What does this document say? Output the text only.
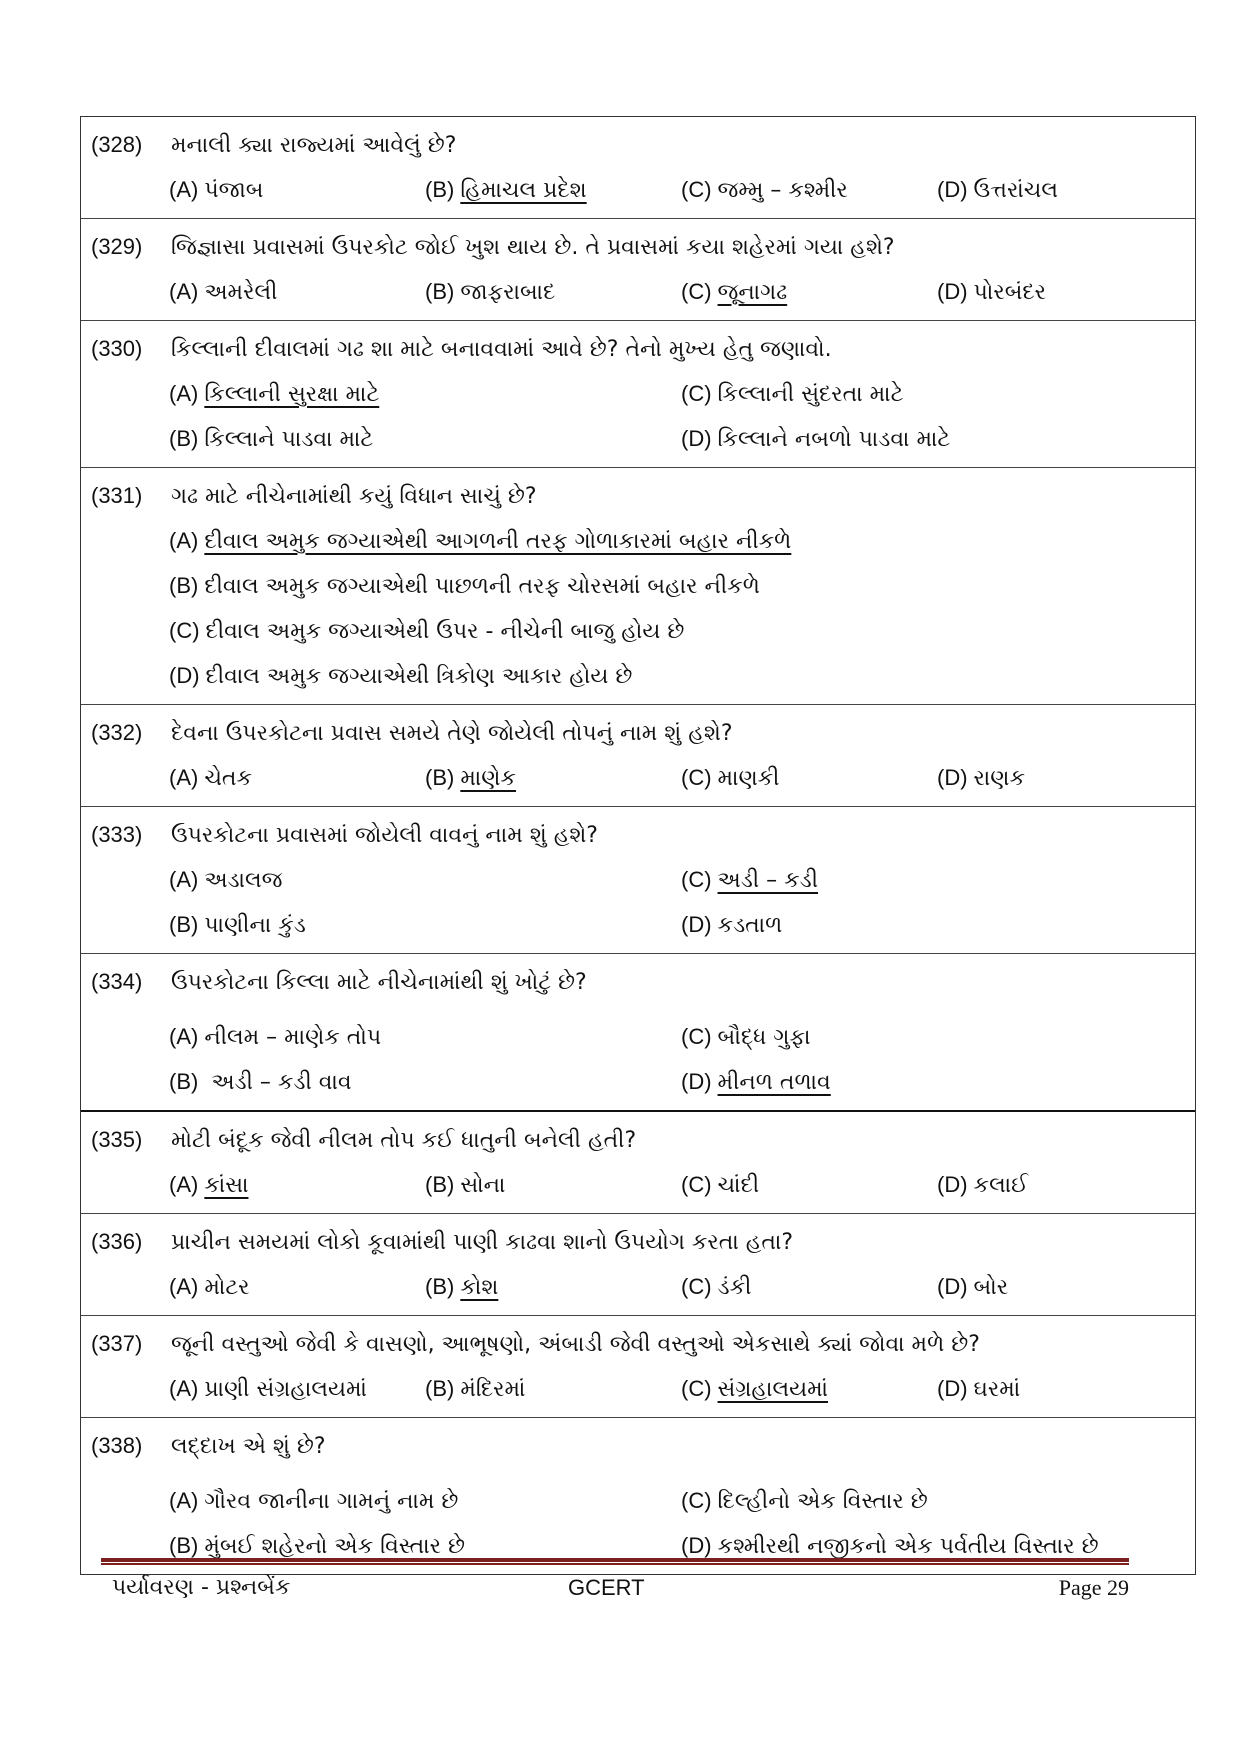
(328)	મનાલી ક્યા રાજ્યમાં આવેલું છે?
(A) પંજાબ	(B) હિમાચલ પ્રદેશ	(C) જમ્મુ – કશ્મીર	(D) ઉત્તરાંચલ
(329)	જિજ્ઞાસા પ્રવાસમાં ઉપરકોટ જોઈ ખુશ થાય છે. તે પ્રવાસમાં કયા શહેરમાં ગયા હશે?
(A) અમરેલી	(B) જાફરાબાદ	(C) જૂનાગઢ	(D) પોરબંદર
(330)	કિલ્લાની દીવાલમાં ગઢ શા માટે બનાવવામાં આવે છે? તેનો મુખ્ય હેતુ જણાવો.
(A) કિલ્લાની સુરક્ષા માટે	(C) કિલ્લાની સુંદરતા માટે
(B) કિલ્લાને પાડવા માટે	(D) કિલ્લાને નબળો પાડવા માટે
(331)	ગઢ માટે નીચેનામાંથી કયું વિધાન સાચું છે?
(A) દીવાલ અમુક જગ્યાએથી આગળની તરફ ગોળાકારમાં બહાર નીકળે
(B) દીવાલ અમુક જગ્યાએથી પાછળની તરફ ચોરસમાં બહાર નીકળે
(C) દીવાલ અમુક જગ્યાએથી ઉપર - નીચેની બાજુ હોય છે
(D) દીવાલ અમુક જગ્યાએથી ત્રિકોણ આકાર હોય છે
(332)	દેવના ઉપરકોટના પ્રવાસ સમયે તેણે જોયેલી તોપનું નામ શું હશે?
(A) ચેતક	(B) માણેક	(C) માણકી	(D) રાણક
(333)	ઉપરકોટના પ્રવાસમાં જોયેલી વાવનું નામ શું હશે?
(A) અડાલજ	(C) અડી – કડી
(B) પાણીના કુંડ	(D) કડતાળ
(334)	ઉપરકોટના કિલ્લા માટે નીચેનામાંથી શું ખોટું છે?
(A) નીલમ – માણેક તોપ	(C) બૌદ્ધ ગુફા
(B) અડી – કડી વાવ	(D) મીનળ તળાવ
(335)	મોટી બંદૂક જેવી નીલમ તોપ કઈ ધાતુની બનેલી હતી?
(A) કાંસા	(B) સોના	(C) ચાંદી	(D) કલાઈ
(336)	પ્રાચીન સમયમાં લોકો કૂવામાંથી પાણી કાઢવા શાનો ઉપયોગ કરતા હતા?
(A) મોટર	(B) કોશ	(C) ડંકી	(D) બોર
(337)	જૂની વસ્તુઓ જેવી કે વાસણો, આભૂષણો, અંબાડી જેવી વસ્તુઓ એકસાથે ક્યાં જોવા મળે છે?
(A) પ્રાણી સંગ્રહાલયમાં	(B) મંદિરમાં	(C) સંગ્રહાલયમાં	(D) ઘરમાં
(338)	લદ્દાખ એ શું છે?
(A) ગૌરવ જાનીના ગામનું નામ છે	(C) દિલ્હીનો એક વિસ્તાર છે
(B) મુંબઈ શહેરનો એક વિસ્તાર છે	(D) કશ્મીરથી નજીકનો એક પર્વતીય વિસ્તાર છે
પર્યાવરણ - પ્રશ્નબેંક	GCERT	Page 29
